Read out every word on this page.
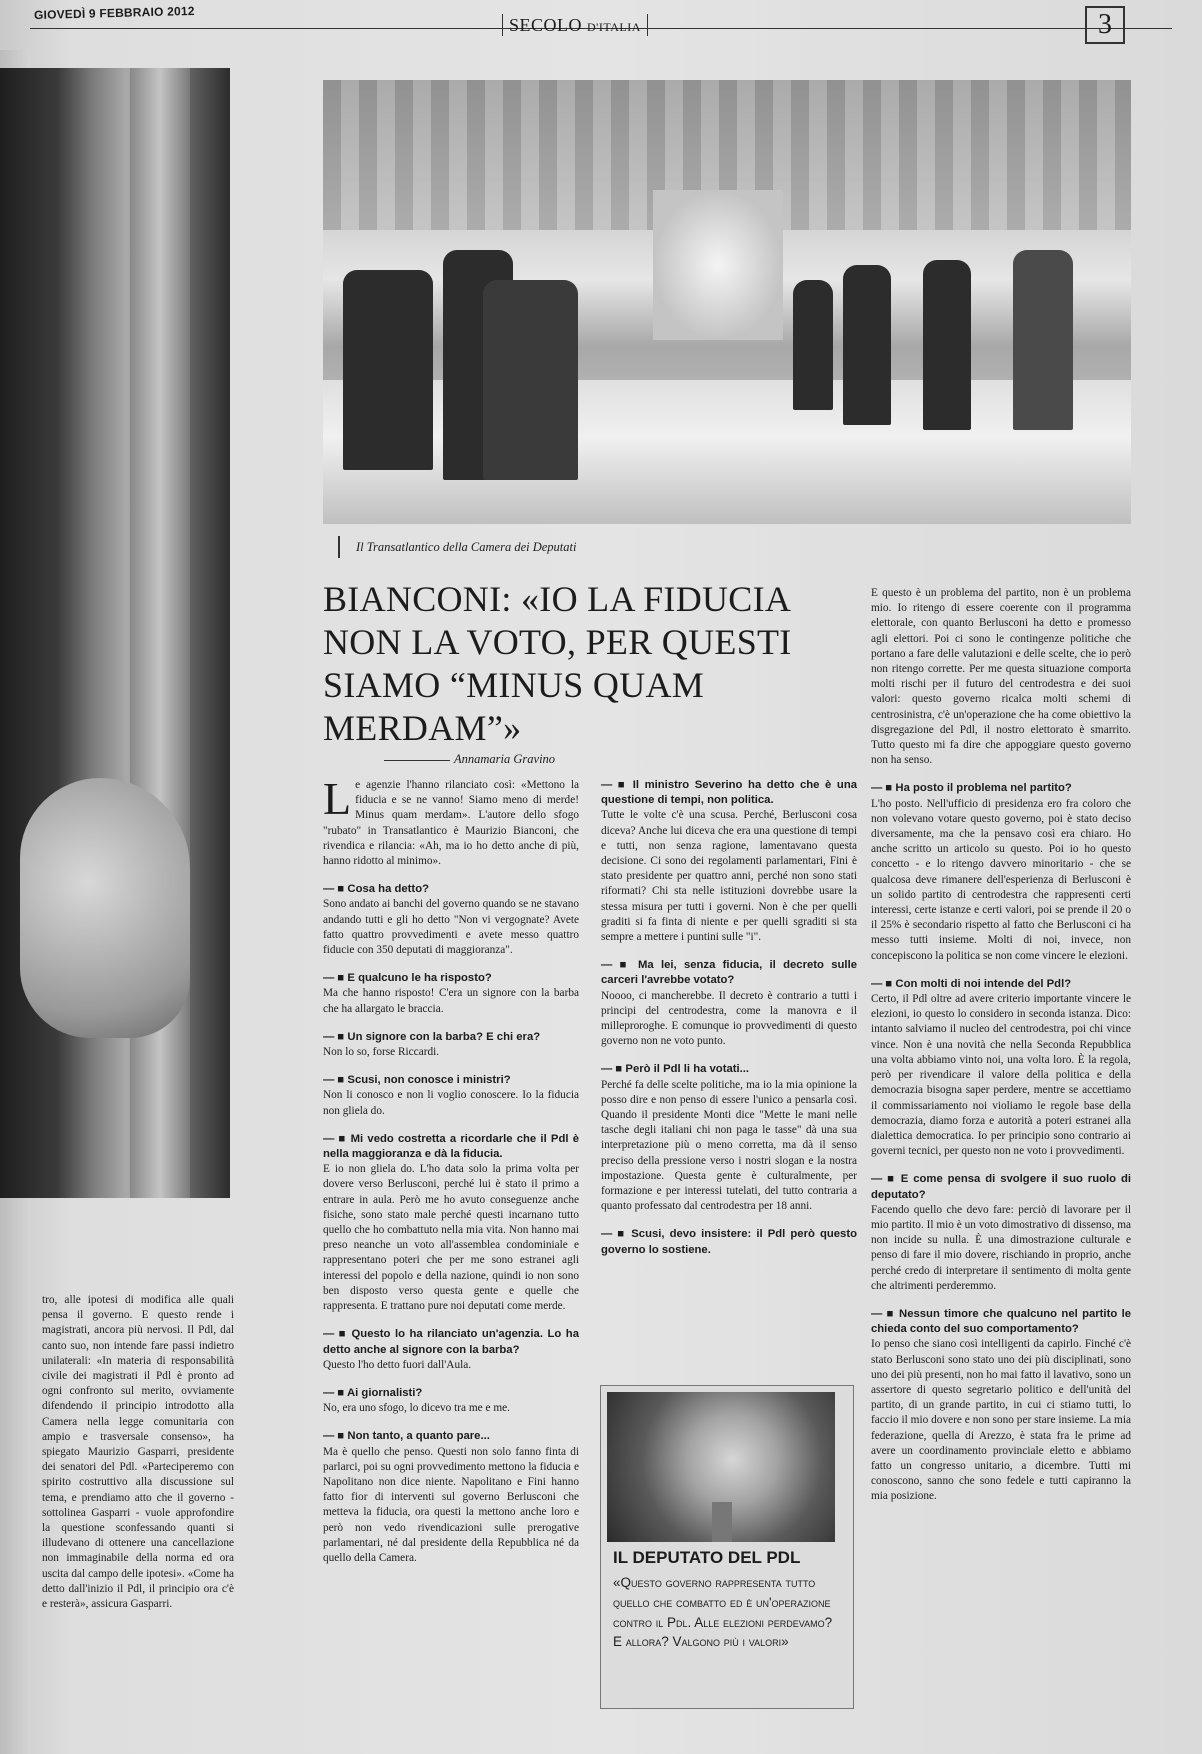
GIOVEDÌ 9 FEBBRAIO 2012
SECOLO D'ITALIA	3
tro, alle ipotesi di modifica alle quali pensa il governo. E questo rende i magistrati, ancora più nervosi. Il Pdl, dal canto suo, non intende fare passi indietro unilaterali: «In materia di responsabilità civile dei magistrati il Pdl è pronto ad ogni confronto sul merito, ovviamente difendendo il principio introdotto alla Camera nella legge comunitaria con ampio e trasversale consenso», ha spiegato Maurizio Gasparri, presidente dei senatori del Pdl. «Parteciperemo con spirito costruttivo alla discussione sul tema, e prendiamo atto che il governo - sottolinea Gasparri - vuole approfondire la questione sconfessando quanti si illudevano di ottenere una cancellazione non immaginabile della norma ed ora uscita dal campo delle ipotesi». «Come ha detto dall'inizio il Pdl, il principio ora c'è e resterà», assicura Gasparri.
Il Transatlantico della Camera dei Deputati
BIANCONI: «IO LA FIDUCIA NON LA VOTO, PER QUESTI SIAMO “MINUS QUAM MERDAM”»
Annamaria Gravino

Le agenzie l'hanno rilanciato così: «Mettono la fiducia e se ne vanno! Siamo meno di merde! Minus quam merdam». L'autore dello sfogo "rubato" in Transatlantico è Maurizio Bianconi, che rivendica e rilancia: «Ah, ma io ho detto anche di più, hanno ridotto al minimo».

— ■ Cosa ha detto?

Sono andato ai banchi del governo quando se ne stavano andando tutti e gli ho detto "Non vi vergognate? Avete fatto quattro provvedimenti e avete messo quattro fiducie con 350 deputati di maggioranza".

— ■ E qualcuno le ha risposto?

Ma che hanno risposto! C'era un signore con la barba che ha allargato le braccia.

— ■ Un signore con la barba? E chi era?

Non lo so, forse Riccardi.

— ■ Scusi, non conosce i ministri?

Non li conosco e non li voglio conoscere. Io la fiducia non gliela do.

— ■ Mi vedo costretta a ricordarle che il Pdl è nella maggioranza e dà la fiducia.

E io non gliela do. L'ho data solo la prima volta per dovere verso Berlusconi, perché lui è stato il primo a entrare in aula. Però me ho avuto conseguenze anche fisiche, sono stato male perché questi incarnano tutto quello che ho combattuto nella mia vita. Non hanno mai preso neanche un voto all'assemblea condominiale e rappresentano poteri che per me sono estranei agli interessi del popolo e della nazione, quindi io non sono ben disposto verso questa gente e quelle che rappresenta. E trattano pure noi deputati come merde.

— ■ Questo lo ha rilanciato un'agenzia. Lo ha detto anche al signore con la barba?

Questo l'ho detto fuori dall'Aula.

— ■ Ai giornalisti?

No, era uno sfogo, lo dicevo tra me e me.

— ■ Non tanto, a quanto pare...

Ma è quello che penso. Questi non solo fanno finta di parlarci, poi su ogni provvedimento mettono la fiducia e Napolitano non dice niente. Napolitano e Fini hanno fatto fior di interventi sul governo Berlusconi che metteva la fiducia, ora questi la mettono anche loro e però non vedo rivendicazioni sulle prerogative parlamentari, né dal presidente della Repubblica né da quello della Camera.

— ■ Il ministro Severino ha detto che è una questione di tempi, non politica.

Tutte le volte c'è una scusa. Perché, Berlusconi cosa diceva? Anche lui diceva che era una questione di tempi e tutti, non senza ragione, lamentavano questa decisione. Ci sono dei regolamenti parlamentari, Fini è stato presidente per quattro anni, perché non sono stati riformati? Chi sta nelle istituzioni dovrebbe usare la stessa misura per tutti i governi. Non è che per quelli graditi si fa finta di niente e per quelli sgraditi si sta sempre a mettere i puntini sulle "i".

— ■ Ma lei, senza fiducia, il decreto sulle carceri l'avrebbe votato?

Noooo, ci mancherebbe. Il decreto è contrario a tutti i principi del centrodestra, come la manovra e il milleproroghe. E comunque io provvedimenti di questo governo non ne voto punto.

— ■ Però il Pdl li ha votati...

Perché fa delle scelte politiche, ma io la mia opinione la posso dire e non penso di essere l'unico a pensarla così. Quando il presidente Monti dice "Mette le mani nelle tasche degli italiani chi non paga le tasse" dà una sua interpretazione più o meno corretta, ma dà il senso preciso della pressione verso i nostri slogan e la nostra impostazione. Questa gente è culturalmente, per formazione e per interessi tutelati, del tutto contraria a quanto professato dal centrodestra per 18 anni.

— ■ Scusi, devo insistere: il Pdl però questo governo lo sostiene.

E questo è un problema del partito, non è un problema mio. Io ritengo di essere coerente con il programma elettorale, con quanto Berlusconi ha detto e promesso agli elettori. Poi ci sono le contingenze politiche che portano a fare delle valutazioni e delle scelte, che io però non ritengo corrette. Per me questa situazione comporta molti rischi per il futuro del centrodestra e dei suoi valori: questo governo ricalca molti schemi di centrosinistra, c'è un'operazione che ha come obiettivo la disgregazione del Pdl, il nostro elettorato è smarrito. Tutto questo mi fa dire che appoggiare questo governo non ha senso.

— ■ Ha posto il problema nel partito?

L'ho posto. Nell'ufficio di presidenza ero fra coloro che non volevano votare questo governo, poi è stato deciso diversamente, ma che la pensavo così era chiaro. Ho anche scritto un articolo su questo. Poi io ho questo concetto - e lo ritengo davvero minoritario - che se qualcosa deve rimanere dell'esperienza di Berlusconi è un solido partito di centrodestra che rappresenti certi interessi, certe istanze e certi valori, poi se prende il 20 o il 25% è secondario rispetto al fatto che Berlusconi ci ha messo tutti insieme. Molti di noi, invece, non concepiscono la politica se non come vincere le elezioni.

— ■ Con molti di noi intende del Pdl?

Certo, il Pdl oltre ad avere criterio importante vincere le elezioni, io questo lo considero in seconda istanza. Dico: intanto salviamo il nucleo del centrodestra, poi chi vince vince. Non è una novità che nella Seconda Repubblica una volta abbiamo vinto noi, una volta loro. È la regola, però per rivendicare il valore della politica e della democrazia bisogna saper perdere, mentre se accettiamo il commissariamento noi violiamo le regole base della democrazia, diamo forza e autorità a poteri estranei alla dialettica democratica. Io per principio sono contrario ai governi tecnici, per questo non ne voto i provvedimenti.

— ■ E come pensa di svolgere il suo ruolo di deputato?

Facendo quello che devo fare: perciò di lavorare per il mio partito. Il mio è un voto dimostrativo di dissenso, ma non incide su nulla. È una dimostrazione culturale e penso di fare il mio dovere, rischiando in proprio, anche perché credo di interpretare il sentimento di molta gente che altrimenti perderemmo.

— ■ Nessun timore che qualcuno nel partito le chieda conto del suo comportamento?

Io penso che siano così intelligenti da capirlo. Finché c'è stato Berlusconi sono stato uno dei più disciplinati, sono uno dei più presenti, non ho mai fatto il lavativo, sono un assertore di questo segretario politico e dell'unità del partito, di un grande partito, in cui ci stiamo tutti, lo faccio il mio dovere e non sono per stare insieme. La mia federazione, quella di Arezzo, è stata fra le prime ad avere un coordinamento provinciale eletto e abbiamo fatto un congresso unitario, a dicembre. Tutti mi conoscono, sanno che sono fedele e tutti capiranno la mia posizione.

IL DEPUTATO DEL PDL
«Questo governo rappresenta tutto quello che combatto ed è un'operazione contro il Pdl. Alle elezioni perdevamo? E allora? Valgono più i valori»
